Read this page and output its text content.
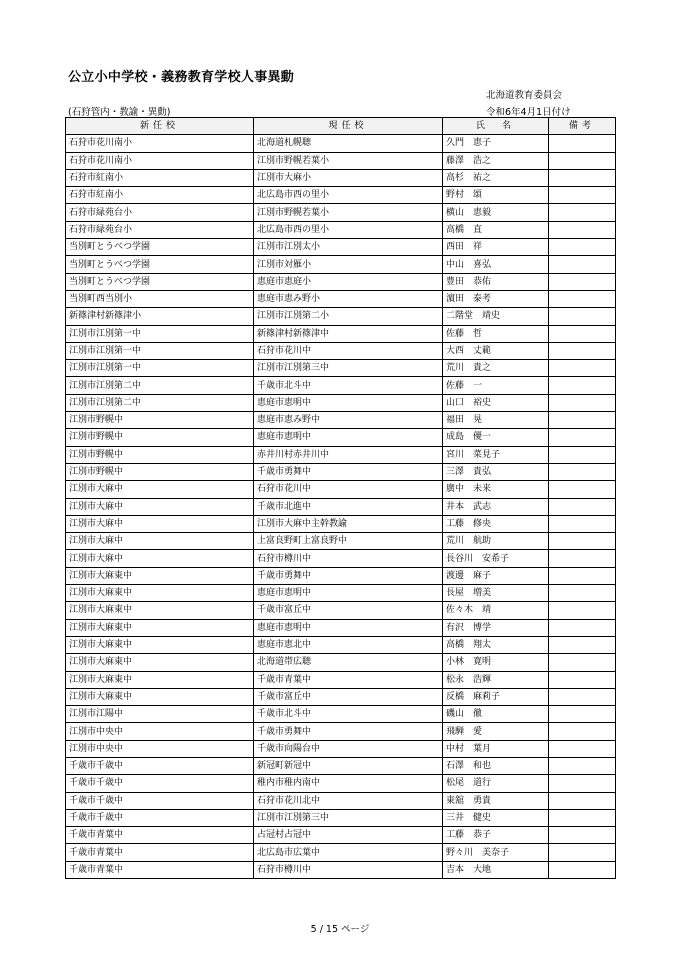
公立小中学校・義務教育学校人事異動
北海道教育委員会
(石狩管内・教諭・異動)	令和6年4月1日付け
新任校	現任校	氏　名	備考
石狩市花川南小	北海道札幌聴	久門　恵子	
石狩市花川南小	江別市野幌若葉小	藤澤　浩之	
石狩市紅南小	江別市大麻小	高杉　祐之	
石狩市紅南小	北広島市西の里小	野村　頌	
石狩市緑苑台小	江別市野幌若葉小	横山　恵毅	
石狩市緑苑台小	北広島市西の里小	高橋　直	
当別町とうべつ学園	江別市江別太小	西田　祥	
当別町とうべつ学園	江別市対雁小	中山　喜弘	
当別町とうべつ学園	恵庭市恵庭小	豊田　恭佑	
当別町西当別小	恵庭市恵み野小	濵田　泰考	
新篠津村新篠津小	江別市江別第二小	二階堂　靖史	
江別市江別第一中	新篠津村新篠津中	佐藤　哲	
江別市江別第一中	石狩市花川中	大西　丈範	
江別市江別第一中	江別市江別第三中	荒川　貴之	
江別市江別第二中	千歳市北斗中	佐藤　一	
江別市江別第二中	恵庭市恵明中	山口　裕史	
江別市野幌中	恵庭市恵み野中	福田　晃	
江別市野幌中	恵庭市恵明中	成島　優一	
江別市野幌中	赤井川村赤井川中	宮川　菜見子	
江別市野幌中	千歳市勇舞中	三澤　貴弘	
江別市大麻中	石狩市花川中	廣中　未来	
江別市大麻中	千歳市北進中	井本　武志	
江別市大麻中	江別市大麻中主幹教諭	工藤　修央	
江別市大麻中	上富良野町上富良野中	荒川　航助	
江別市大麻中	石狩市樽川中	長谷川　安希子	
江別市大麻東中	千歳市勇舞中	渡邊　麻子	
江別市大麻東中	恵庭市恵明中	長屋　増美	
江別市大麻東中	千歳市富丘中	佐々木　靖	
江別市大麻東中	恵庭市恵明中	有沢　博学	
江別市大麻東中	恵庭市恵北中	高橋　翔太	
江別市大麻東中	北海道帯広聴	小林　寛明	
江別市大麻東中	千歳市青葉中	松永　浩輝	
江別市大麻東中	千歳市富丘中	反橋　麻莉子	
江別市江陽中	千歳市北斗中	磯山　徹	
江別市中央中	千歳市勇舞中	飛騨　愛	
江別市中央中	千歳市向陽台中	中村　葉月	
千歳市千歳中	新冠町新冠中	石澤　和也	
千歳市千歳中	稚内市稚内南中	松尾　道行	
千歳市千歳中	石狩市花川北中	東舘　勇貴	
千歳市千歳中	江別市江別第三中	三井　健史	
千歳市青葉中	占冠村占冠中	工藤　恭子	
千歳市青葉中	北広島市広葉中	野々川　美奈子	
千歳市青葉中	石狩市樽川中	吉本　大地	
5 / 15 ページ
